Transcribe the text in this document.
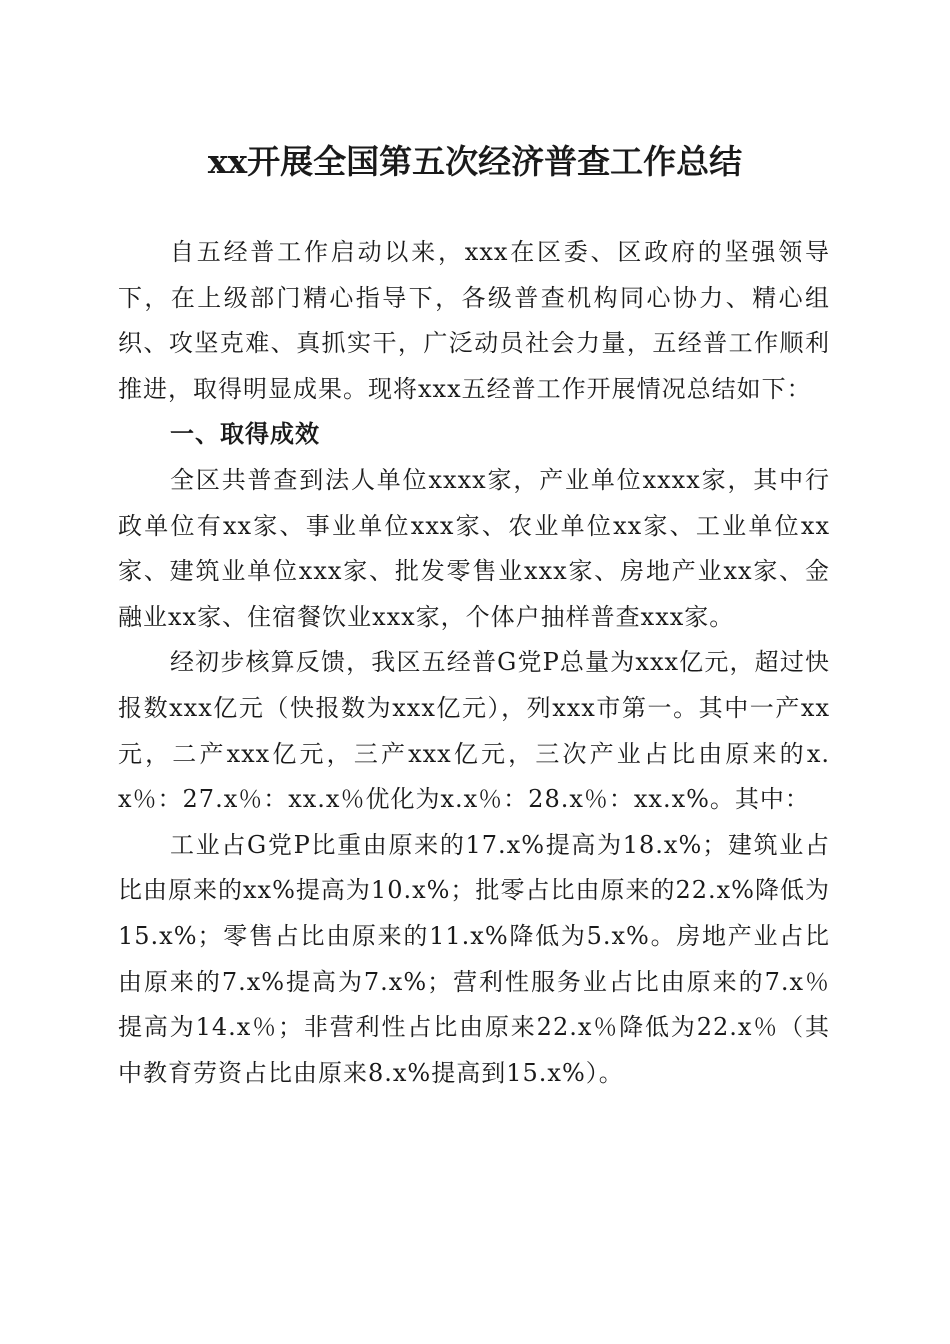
xx开展全国第五次经济普查工作总结

自五经普工作启动以来，xxx在区委、区政府的坚强领导下，在上级部门精心指导下，各级普查机构同心协力、精心组织、攻坚克难、真抓实干，广泛动员社会力量，五经普工作顺利推进，取得明显成果。现将xxx五经普工作开展情况总结如下：

一、取得成效

全区共普查到法人单位xxxx家，产业单位xxxx家，其中行政单位有xx家、事业单位xxx家、农业单位xx家、工业单位xx家、建筑业单位xxx家、批发零售业xxx家、房地产业xx家、金融业xx家、住宿餐饮业xxx家，个体户抽样普查xxx家。

经初步核算反馈，我区五经普G党P总量为xxx亿元，超过快报数xxx亿元（快报数为xxx亿元），列xxx市第一。其中一产xx元，二产xxx亿元，三产xxx亿元，三次产业占比由原来的x.x％：27.x％：xx.x％优化为x.x％：28.x％：xx.x%。其中：

工业占G党P比重由原来的17.x%提高为18.x%；建筑业占比由原来的xx%提高为10.x%；批零占比由原来的22.x%降低为15.x%；零售占比由原来的11.x%降低为5.x%。房地产业占比由原来的7.x%提高为7.x%；营利性服务业占比由原来的7.x％提高为14.x％；非营利性占比由原来22.x％降低为22.x％（其中教育劳资占比由原来8.x%提高到15.x%）。
